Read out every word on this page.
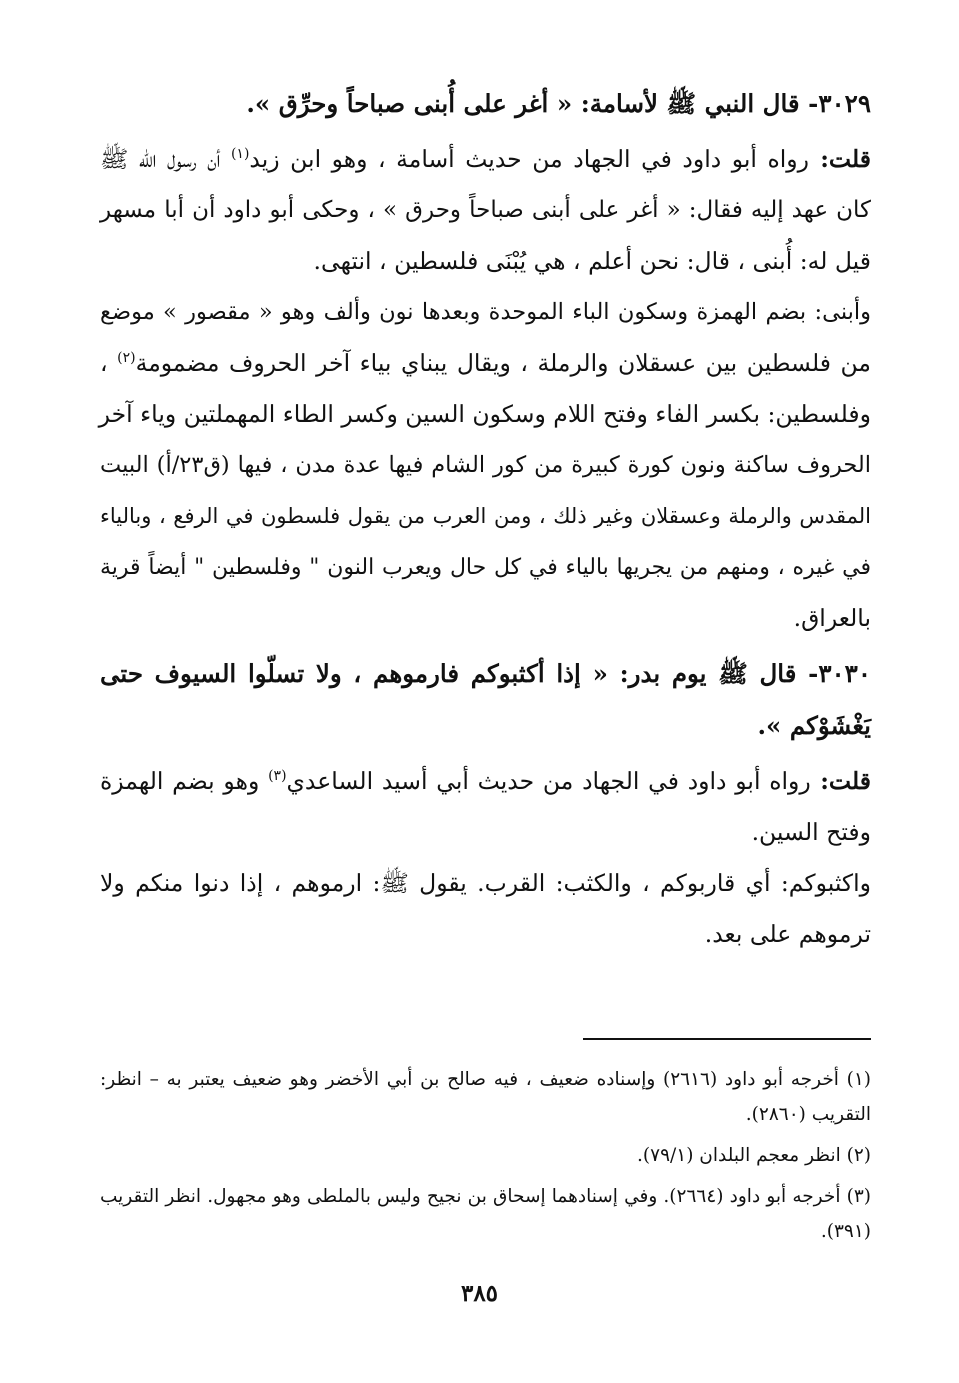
٣٠٢٩- قال النبي ﷺ لأسامة: « أغر على أُبنى صباحاً وحرِّق ».

قلت: رواه أبو داود في الجهاد من حديث أسامة ، وهو ابن زيد$^{(١)}$ أن رسول الله ﷺ

كان عهد إليه فقال: « أغر على أبنى صباحاً وحرق » ، وحكى أبو داود أن أبا مسهر

قيل له: أُبنى ، قال: نحن أعلم ، هي يُبْنَى فلسطين ، انتهى.

وأبنى: بضم الهمزة وسكون الباء الموحدة وبعدها نون وألف وهو « مقصور » موضع

من فلسطين بين عسقلان والرملة ، ويقال يبناي بياء آخر الحروف مضمومة$^{(٢)}$ ،

وفلسطين: بكسر الفاء وفتح اللام وسكون السين وكسر الطاء المهملتين وياء آخر

الحروف ساكنة ونون كورة كبيرة من كور الشام فيها عدة مدن ، فيها (ق٢٣/أ) البيت

المقدس والرملة وعسقلان وغير ذلك ، ومن العرب من يقول فلسطون في الرفع ، وبالياء

في غيره ، ومنهم من يجريها بالياء في كل حال ويعرب النون " وفلسطين " أيضاً قرية

بالعراق.

٣٠٣٠- قال ﷺ يوم بدر: « إذا أكثبوكم فارموهم ، ولا تسلّوا السيوف حتى

يَغْشَوْكم ».

قلت: رواه أبو داود في الجهاد من حديث أبي أسيد الساعدي$^{(٣)}$ وهو بضم الهمزة

وفتح السين.

واكثبوكم: أي قاربوكم ، والكثب: القرب. يقول ﷺ: ارموهم ، إذا دنوا منكم ولا

ترموهم على بعد.

(١) أخرجه أبو داود (٢٦١٦) وإسناده ضعيف ، فيه صالح بن أبي الأخضر وهو ضعيف يعتبر به – انظر:

التقريب (٢٨٦٠).

(٢) انظر معجم البلدان (٧٩/١).

(٣) أخرجه أبو داود (٢٦٦٤). وفي إسنادهما إسحاق بن نجيح وليس بالملطى وهو مجهول. انظر التقريب

(٣٩١).

٣٨٥
